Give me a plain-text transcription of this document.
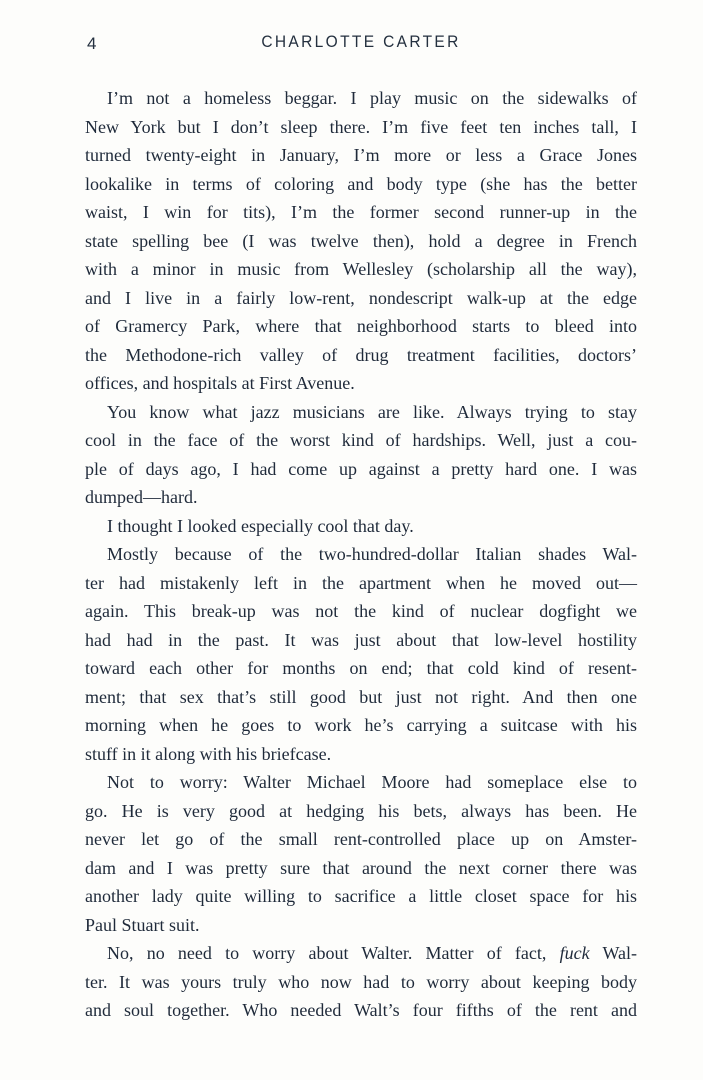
4	CHARLOTTE CARTER
I’m not a homeless beggar. I play music on the sidewalks of
New York but I don’t sleep there. I’m five feet ten inches tall, I
turned twenty-eight in January, I’m more or less a Grace Jones
lookalike in terms of coloring and body type (she has the better
waist, I win for tits), I’m the former second runner-up in the
state spelling bee (I was twelve then), hold a degree in French
with a minor in music from Wellesley (scholarship all the way),
and I live in a fairly low-rent, nondescript walk-up at the edge
of Gramercy Park, where that neighborhood starts to bleed into
the Methodone-rich valley of drug treatment facilities, doctors’
offices, and hospitals at First Avenue.
You know what jazz musicians are like. Always trying to stay
cool in the face of the worst kind of hardships. Well, just a cou-
ple of days ago, I had come up against a pretty hard one. I was
dumped—hard.
I thought I looked especially cool that day.
Mostly because of the two-hundred-dollar Italian shades Wal-
ter had mistakenly left in the apartment when he moved out—
again. This break-up was not the kind of nuclear dogfight we
had had in the past. It was just about that low-level hostility
toward each other for months on end; that cold kind of resent-
ment; that sex that’s still good but just not right. And then one
morning when he goes to work he’s carrying a suitcase with his
stuff in it along with his briefcase.
Not to worry: Walter Michael Moore had someplace else to
go. He is very good at hedging his bets, always has been. He
never let go of the small rent-controlled place up on Amster-
dam and I was pretty sure that around the next corner there was
another lady quite willing to sacrifice a little closet space for his
Paul Stuart suit.
No, no need to worry about Walter. Matter of fact, fuck Wal-
ter. It was yours truly who now had to worry about keeping body
and soul together. Who needed Walt’s four fifths of the rent and
